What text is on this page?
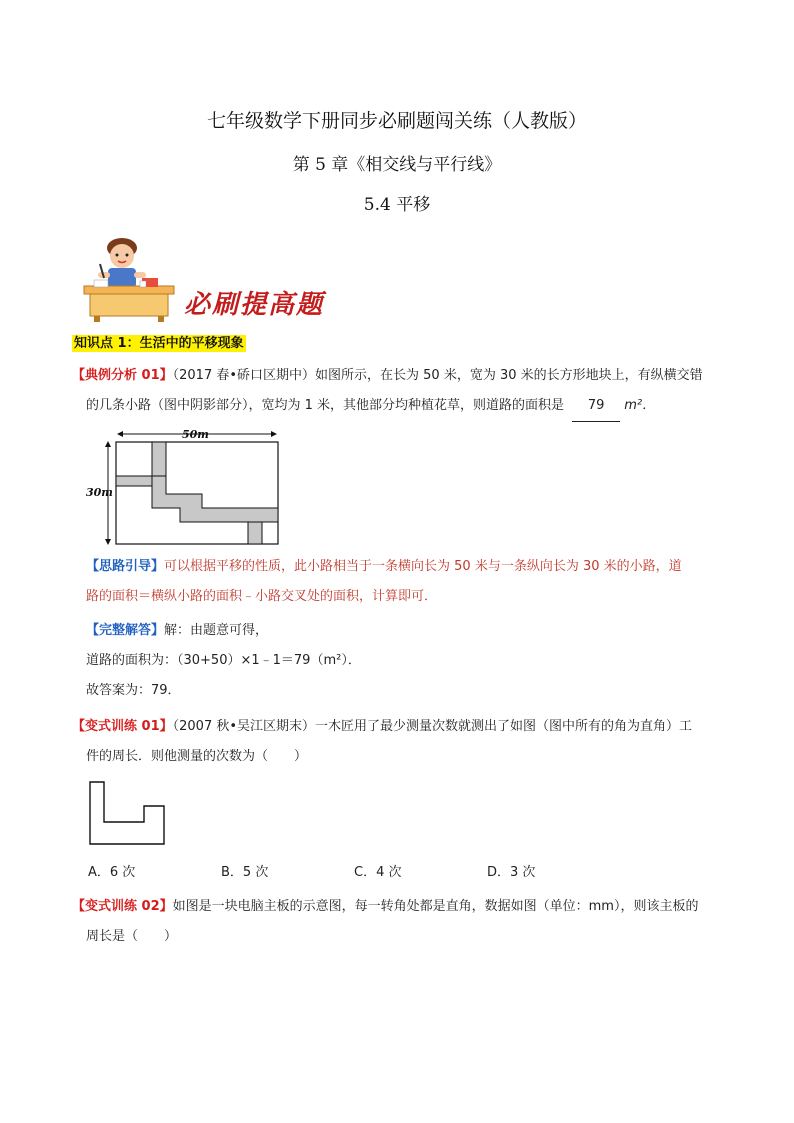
七年级数学下册同步必刷题闯关练（人教版）
第 5 章《相交线与平行线》
5.4 平移
必刷提高题
知识点 1：生活中的平移现象
【典例分析 01】（2017 春•硚口区期中）如图所示，在长为 50 米，宽为 30 米的长方形地块上，有纵横交错
的几条小路（图中阴影部分），宽均为 1 米，其他部分均种植花草，则道路的面积是 79 m²．
50m
30m
【思路引导】可以根据平移的性质，此小路相当于一条横向长为 50 米与一条纵向长为 30 米的小路，道
路的面积＝横纵小路的面积﹣小路交叉处的面积，计算即可．
【完整解答】解：由题意可得，
道路的面积为：（30+50）×1﹣1＝79（m²）．
故答案为：79．
【变式训练 01】（2007 秋•吴江区期末）一木匠用了最少测量次数就测出了如图（图中所有的角为直角）工
件的周长．则他测量的次数为（　　）
A．6 次	B．5 次	C．4 次	D．3 次
【变式训练 02】如图是一块电脑主板的示意图，每一转角处都是直角，数据如图（单位：mm），则该主板的
周长是（　　）
